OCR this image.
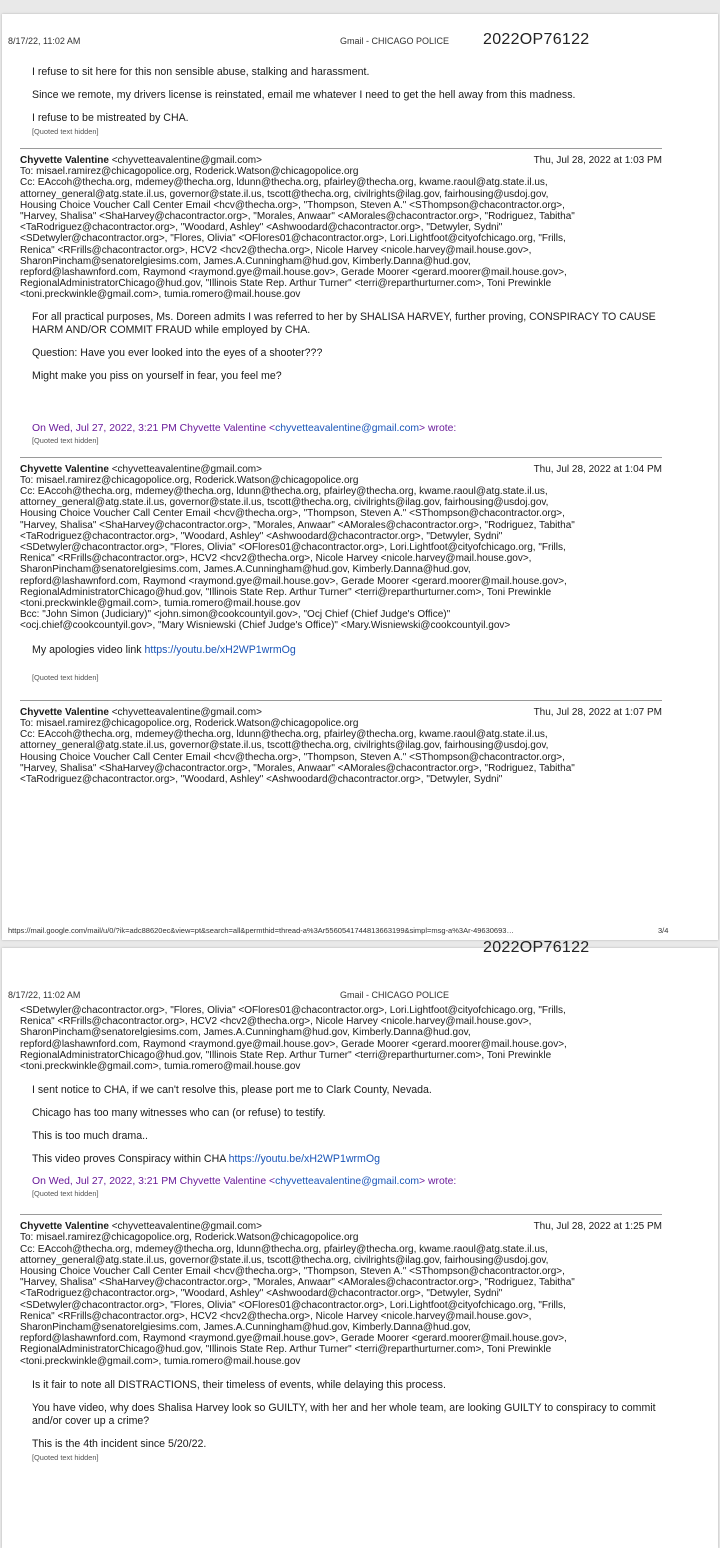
8/17/22, 11:02 AM	Gmail - CHICAGO POLICE 2022OP76122

I refuse to sit here for this non sensible abuse, stalking and harassment.

Since we remote, my drivers license is reinstated, email me whatever I need to get the hell away from this madness.

I refuse to be mistreated by CHA.

[Quoted text hidden]
Chyvette Valentine <chyvetteavalentine@gmail.com>	Thu, Jul 28, 2022 at 1:03 PM
To: misael.ramirez@chicagopolice.org, Roderick.Watson@chicagopolice.org
Cc: EAccoh@thecha.org, mdemey@thecha.org, ldunn@thecha.org, pfairley@thecha.org, kwame.raoul@atg.state.il.us,
attorney_general@atg.state.il.us, governor@state.il.us, tscott@thecha.org, civilrights@ilag.gov, fairhousing@usdoj.gov,
Housing Choice Voucher Call Center Email <hcv@thecha.org>, "Thompson, Steven A." <SThompson@chacontractor.org>,
"Harvey, Shalisa" <ShaHarvey@chacontractor.org>, "Morales, Anwaar" <AMorales@chacontractor.org>, "Rodriguez, Tabitha"
<TaRodriguez@chacontractor.org>, "Woodard, Ashley" <Ashwoodard@chacontractor.org>, "Detwyler, Sydni"
<SDetwyler@chacontractor.org>, "Flores, Olivia" <OFlores01@chacontractor.org>, Lori.Lightfoot@cityofchicago.org, "Frills,
Renica" <RFrills@chacontractor.org>, HCV2 <hcv2@thecha.org>, Nicole Harvey <nicole.harvey@mail.house.gov>,
SharonPincham@senatorelgiesims.com, James.A.Cunningham@hud.gov, Kimberly.Danna@hud.gov,
repford@lashawnford.com, Raymond <raymond.gye@mail.house.gov>, Gerade Moorer <gerard.moorer@mail.house.gov>,
RegionalAdministratorChicago@hud.gov, "Illinois State Rep. Arthur Turner" <terri@reparthurturner.com>, Toni Prewinkle
<toni.preckwinkle@gmail.com>, tumia.romero@mail.house.gov

For all practical purposes, Ms. Doreen admits I was referred to her by SHALISA HARVEY, further proving, CONSPIRACY TO CAUSE HARM AND/OR COMMIT FRAUD while employed by CHA.

Question: Have you ever looked into the eyes of a shooter???

Might make you piss on yourself in fear, you feel me?

On Wed, Jul 27, 2022, 3:21 PM Chyvette Valentine <chyvetteavalentine@gmail.com> wrote:
[Quoted text hidden]
Chyvette Valentine <chyvetteavalentine@gmail.com>	Thu, Jul 28, 2022 at 1:04 PM
To: misael.ramirez@chicagopolice.org, Roderick.Watson@chicagopolice.org
Cc: EAccoh@thecha.org, mdemey@thecha.org, ldunn@thecha.org, pfairley@thecha.org, kwame.raoul@atg.state.il.us,
attorney_general@atg.state.il.us, governor@state.il.us, tscott@thecha.org, civilrights@ilag.gov, fairhousing@usdoj.gov,
Housing Choice Voucher Call Center Email <hcv@thecha.org>, "Thompson, Steven A." <SThompson@chacontractor.org>,
"Harvey, Shalisa" <ShaHarvey@chacontractor.org>, "Morales, Anwaar" <AMorales@chacontractor.org>, "Rodriguez, Tabitha"
<TaRodriguez@chacontractor.org>, "Woodard, Ashley" <Ashwoodard@chacontractor.org>, "Detwyler, Sydni"
<SDetwyler@chacontractor.org>, "Flores, Olivia" <OFlores01@chacontractor.org>, Lori.Lightfoot@cityofchicago.org, "Frills,
Renica" <RFrills@chacontractor.org>, HCV2 <hcv2@thecha.org>, Nicole Harvey <nicole.harvey@mail.house.gov>,
SharonPincham@senatorelgiesims.com, James.A.Cunningham@hud.gov, Kimberly.Danna@hud.gov,
repford@lashawnford.com, Raymond <raymond.gye@mail.house.gov>, Gerade Moorer <gerard.moorer@mail.house.gov>,
RegionalAdministratorChicago@hud.gov, "Illinois State Rep. Arthur Turner" <terri@reparthurturner.com>, Toni Prewinkle
<toni.preckwinkle@gmail.com>, tumia.romero@mail.house.gov
Bcc: "John Simon (Judiciary)" <john.simon@cookcountyil.gov>, "Ocj Chief (Chief Judge's Office)"
<ocj.chief@cookcountyil.gov>, "Mary Wisniewski (Chief Judge's Office)" <Mary.Wisniewski@cookcountyil.gov>

My apologies video link https://youtu.be/xH2WP1wrmOg

[Quoted text hidden]
Chyvette Valentine <chyvetteavalentine@gmail.com>	Thu, Jul 28, 2022 at 1:07 PM
To: misael.ramirez@chicagopolice.org, Roderick.Watson@chicagopolice.org
Cc: EAccoh@thecha.org, mdemey@thecha.org, ldunn@thecha.org, pfairley@thecha.org, kwame.raoul@atg.state.il.us,
attorney_general@atg.state.il.us, governor@state.il.us, tscott@thecha.org, civilrights@ilag.gov, fairhousing@usdoj.gov,
Housing Choice Voucher Call Center Email <hcv@thecha.org>, "Thompson, Steven A." <SThompson@chacontractor.org>,
"Harvey, Shalisa" <ShaHarvey@chacontractor.org>, "Morales, Anwaar" <AMorales@chacontractor.org>, "Rodriguez, Tabitha"
<TaRodriguez@chacontractor.org>, "Woodard, Ashley" <Ashwoodard@chacontractor.org>, "Detwyler, Sydni"
https://mail.google.com/mail/u/0/?ik=adc88620ec&view=pt&search=all&permthid=thread-a%3Ar5560541744813663199&simpl=msg-a%3Ar-49630693…	3/4
2022OP76122
8/17/22, 11:02 AM	Gmail - CHICAGO POLICE
<SDetwyler@chacontractor.org>, "Flores, Olivia" <OFlores01@chacontractor.org>, Lori.Lightfoot@cityofchicago.org, "Frills,
Renica" <RFrills@chacontractor.org>, HCV2 <hcv2@thecha.org>, Nicole Harvey <nicole.harvey@mail.house.gov>,
SharonPincham@senatorelgiesims.com, James.A.Cunningham@hud.gov, Kimberly.Danna@hud.gov,
repford@lashawnford.com, Raymond <raymond.gye@mail.house.gov>, Gerade Moorer <gerard.moorer@mail.house.gov>,
RegionalAdministratorChicago@hud.gov, "Illinois State Rep. Arthur Turner" <terri@reparthurturner.com>, Toni Prewinkle
<toni.preckwinkle@gmail.com>, tumia.romero@mail.house.gov

I sent notice to CHA, if we can't resolve this, please port me to Clark County, Nevada.

Chicago has too many witnesses who can (or refuse) to testify.

This is too much drama..

This video proves Conspiracy within CHA https://youtu.be/xH2WP1wrmOg

On Wed, Jul 27, 2022, 3:21 PM Chyvette Valentine <chyvetteavalentine@gmail.com> wrote:
[Quoted text hidden]
Chyvette Valentine <chyvetteavalentine@gmail.com>	Thu, Jul 28, 2022 at 1:25 PM
To: misael.ramirez@chicagopolice.org, Roderick.Watson@chicagopolice.org
Cc: EAccoh@thecha.org, mdemey@thecha.org, ldunn@thecha.org, pfairley@thecha.org, kwame.raoul@atg.state.il.us,
attorney_general@atg.state.il.us, governor@state.il.us, tscott@thecha.org, civilrights@ilag.gov, fairhousing@usdoj.gov,
Housing Choice Voucher Call Center Email <hcv@thecha.org>, "Thompson, Steven A." <SThompson@chacontractor.org>,
"Harvey, Shalisa" <ShaHarvey@chacontractor.org>, "Morales, Anwaar" <AMorales@chacontractor.org>, "Rodriguez, Tabitha"
<TaRodriguez@chacontractor.org>, "Woodard, Ashley" <Ashwoodard@chacontractor.org>, "Detwyler, Sydni"
<SDetwyler@chacontractor.org>, "Flores, Olivia" <OFlores01@chacontractor.org>, Lori.Lightfoot@cityofchicago.org, "Frills,
Renica" <RFrills@chacontractor.org>, HCV2 <hcv2@thecha.org>, Nicole Harvey <nicole.harvey@mail.house.gov>,
SharonPincham@senatorelgiesims.com, James.A.Cunningham@hud.gov, Kimberly.Danna@hud.gov,
repford@lashawnford.com, Raymond <raymond.gye@mail.house.gov>, Gerade Moorer <gerard.moorer@mail.house.gov>,
RegionalAdministratorChicago@hud.gov, "Illinois State Rep. Arthur Turner" <terri@reparthurturner.com>, Toni Prewinkle
<toni.preckwinkle@gmail.com>, tumia.romero@mail.house.gov

Is it fair to note all DISTRACTIONS, their timeless of events, while delaying this process.

You have video, why does Shalisa Harvey look so GUILTY, with her and her whole team, are looking GUILTY to conspiracy to commit and/or cover up a crime?

This is the 4th incident since 5/20/22.

[Quoted text hidden]
